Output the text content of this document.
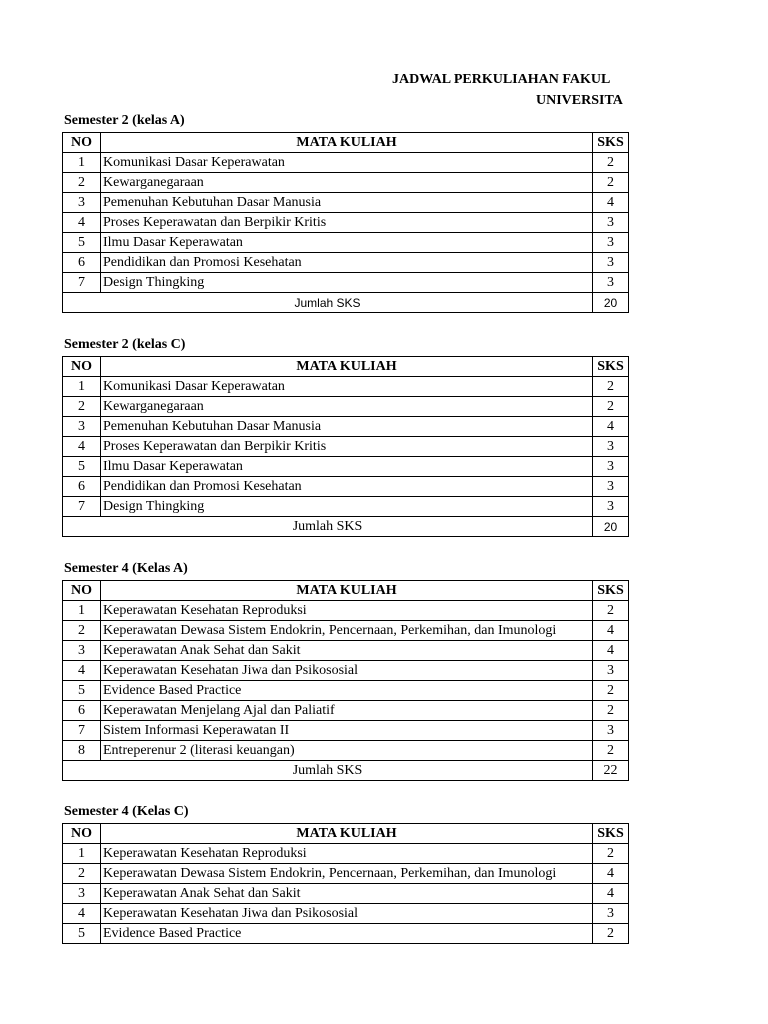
JADWAL PERKULIAHAN FAKUL
UNIVERSITA
Semester 2 (kelas A)
NO	MATA KULIAH	SKS
1	Komunikasi Dasar Keperawatan	2
2	Kewarganegaraan	2
3	Pemenuhan Kebutuhan Dasar Manusia	4
4	Proses Keperawatan dan Berpikir Kritis	3
5	Ilmu Dasar Keperawatan	3
6	Pendidikan dan Promosi Kesehatan	3
7	Design Thingking	3
Jumlah SKS		20
Semester 2 (kelas C)
NO	MATA KULIAH	SKS
1	Komunikasi Dasar Keperawatan	2
2	Kewarganegaraan	2
3	Pemenuhan Kebutuhan Dasar Manusia	4
4	Proses Keperawatan dan Berpikir Kritis	3
5	Ilmu Dasar Keperawatan	3
6	Pendidikan dan Promosi Kesehatan	3
7	Design Thingking	3
Jumlah SKS		20
Semester 4 (Kelas A)
NO	MATA KULIAH	SKS
1	Keperawatan Kesehatan Reproduksi	2
2	Keperawatan Dewasa Sistem Endokrin, Pencernaan, Perkemihan, dan Imunologi	4
3	Keperawatan Anak Sehat dan Sakit	4
4	Keperawatan Kesehatan Jiwa dan Psikososial	3
5	Evidence Based Practice	2
6	Keperawatan Menjelang Ajal dan Paliatif	2
7	Sistem Informasi Keperawatan II	3
8	Entreperenur 2 (literasi keuangan)	2
Jumlah SKS		22
Semester 4 (Kelas C)
NO	MATA KULIAH	SKS
1	Keperawatan Kesehatan Reproduksi	2
2	Keperawatan Dewasa Sistem Endokrin, Pencernaan, Perkemihan, dan Imunologi	4
3	Keperawatan Anak Sehat dan Sakit	4
4	Keperawatan Kesehatan Jiwa dan Psikososial	3
5	Evidence Based Practice	2
